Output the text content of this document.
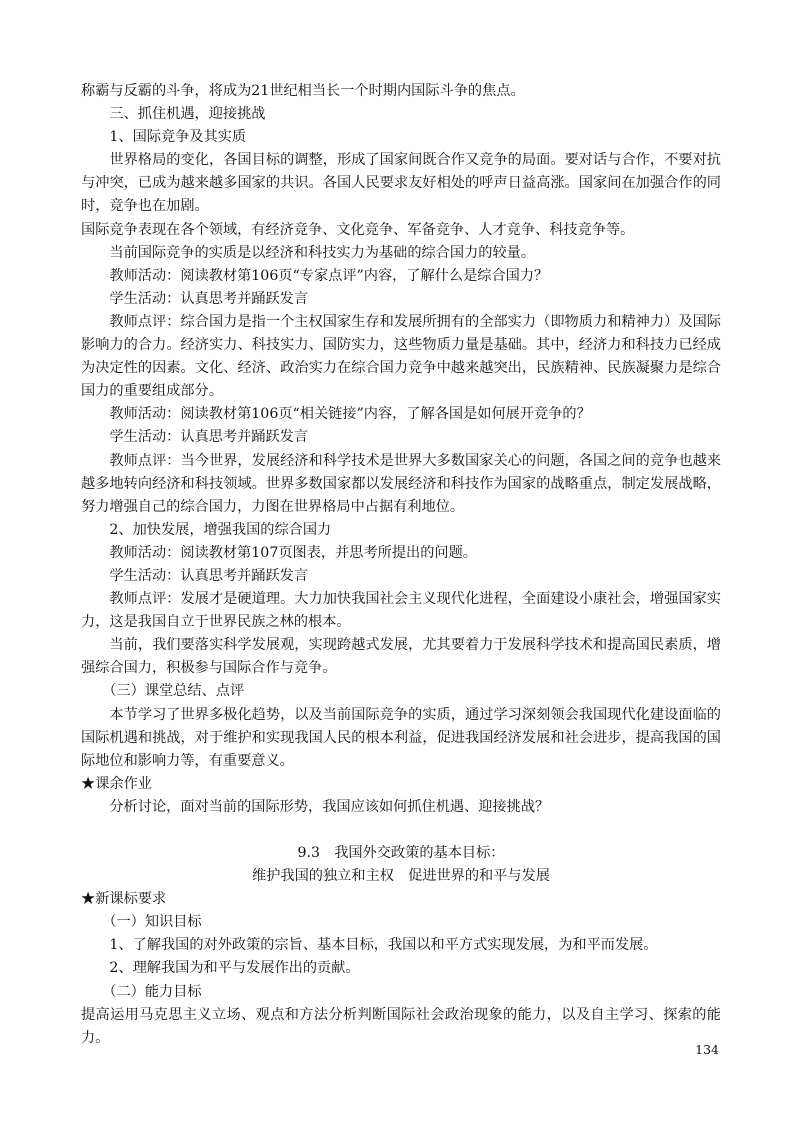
称霸与反霸的斗争，将成为21世纪相当长一个时期内国际斗争的焦点。

三、抓住机遇，迎接挑战

1、国际竞争及其实质

世界格局的变化，各国目标的调整，形成了国家间既合作又竞争的局面。要对话与合作，不要对抗与冲突，已成为越来越多国家的共识。各国人民要求友好相处的呼声日益高涨。国家间在加强合作的同时，竞争也在加剧。

国际竞争表现在各个领域，有经济竞争、文化竞争、军备竞争、人才竞争、科技竞争等。

当前国际竞争的实质是以经济和科技实力为基础的综合国力的较量。

教师活动：阅读教材第106页“专家点评”内容，了解什么是综合国力？

学生活动：认真思考并踊跃发言

教师点评：综合国力是指一个主权国家生存和发展所拥有的全部实力（即物质力和精神力）及国际影响力的合力。经济实力、科技实力、国防实力，这些物质力量是基础。其中，经济力和科技力已经成为决定性的因素。文化、经济、政治实力在综合国力竞争中越来越突出，民族精神、民族凝聚力是综合国力的重要组成部分。

教师活动：阅读教材第106页“相关链接”内容，了解各国是如何展开竞争的？

学生活动：认真思考并踊跃发言

教师点评：当今世界，发展经济和科学技术是世界大多数国家关心的问题，各国之间的竞争也越来越多地转向经济和科技领域。世界多数国家都以发展经济和科技作为国家的战略重点，制定发展战略，努力增强自己的综合国力，力图在世界格局中占据有利地位。

2、加快发展，增强我国的综合国力

教师活动：阅读教材第107页图表，并思考所提出的问题。

学生活动：认真思考并踊跃发言

教师点评：发展才是硬道理。大力加快我国社会主义现代化进程，全面建设小康社会，增强国家实力，这是我国自立于世界民族之林的根本。

当前，我们要落实科学发展观，实现跨越式发展，尤其要着力于发展科学技术和提高国民素质，增强综合国力，积极参与国际合作与竞争。

（三）课堂总结、点评

本节学习了世界多极化趋势，以及当前国际竞争的实质，通过学习深刻领会我国现代化建设面临的国际机遇和挑战，对于维护和实现我国人民的根本利益，促进我国经济发展和社会进步，提高我国的国际地位和影响力等，有重要意义。

★课余作业

分析讨论，面对当前的国际形势，我国应该如何抓住机遇、迎接挑战？

9.3　我国外交政策的基本目标：

维护我国的独立和主权　促进世界的和平与发展

★新课标要求

（一）知识目标

1、了解我国的对外政策的宗旨、基本目标，我国以和平方式实现发展，为和平而发展。

2、理解我国为和平与发展作出的贡献。

（二）能力目标

提高运用马克思主义立场、观点和方法分析判断国际社会政治现象的能力，以及自主学习、探索的能力。

134
